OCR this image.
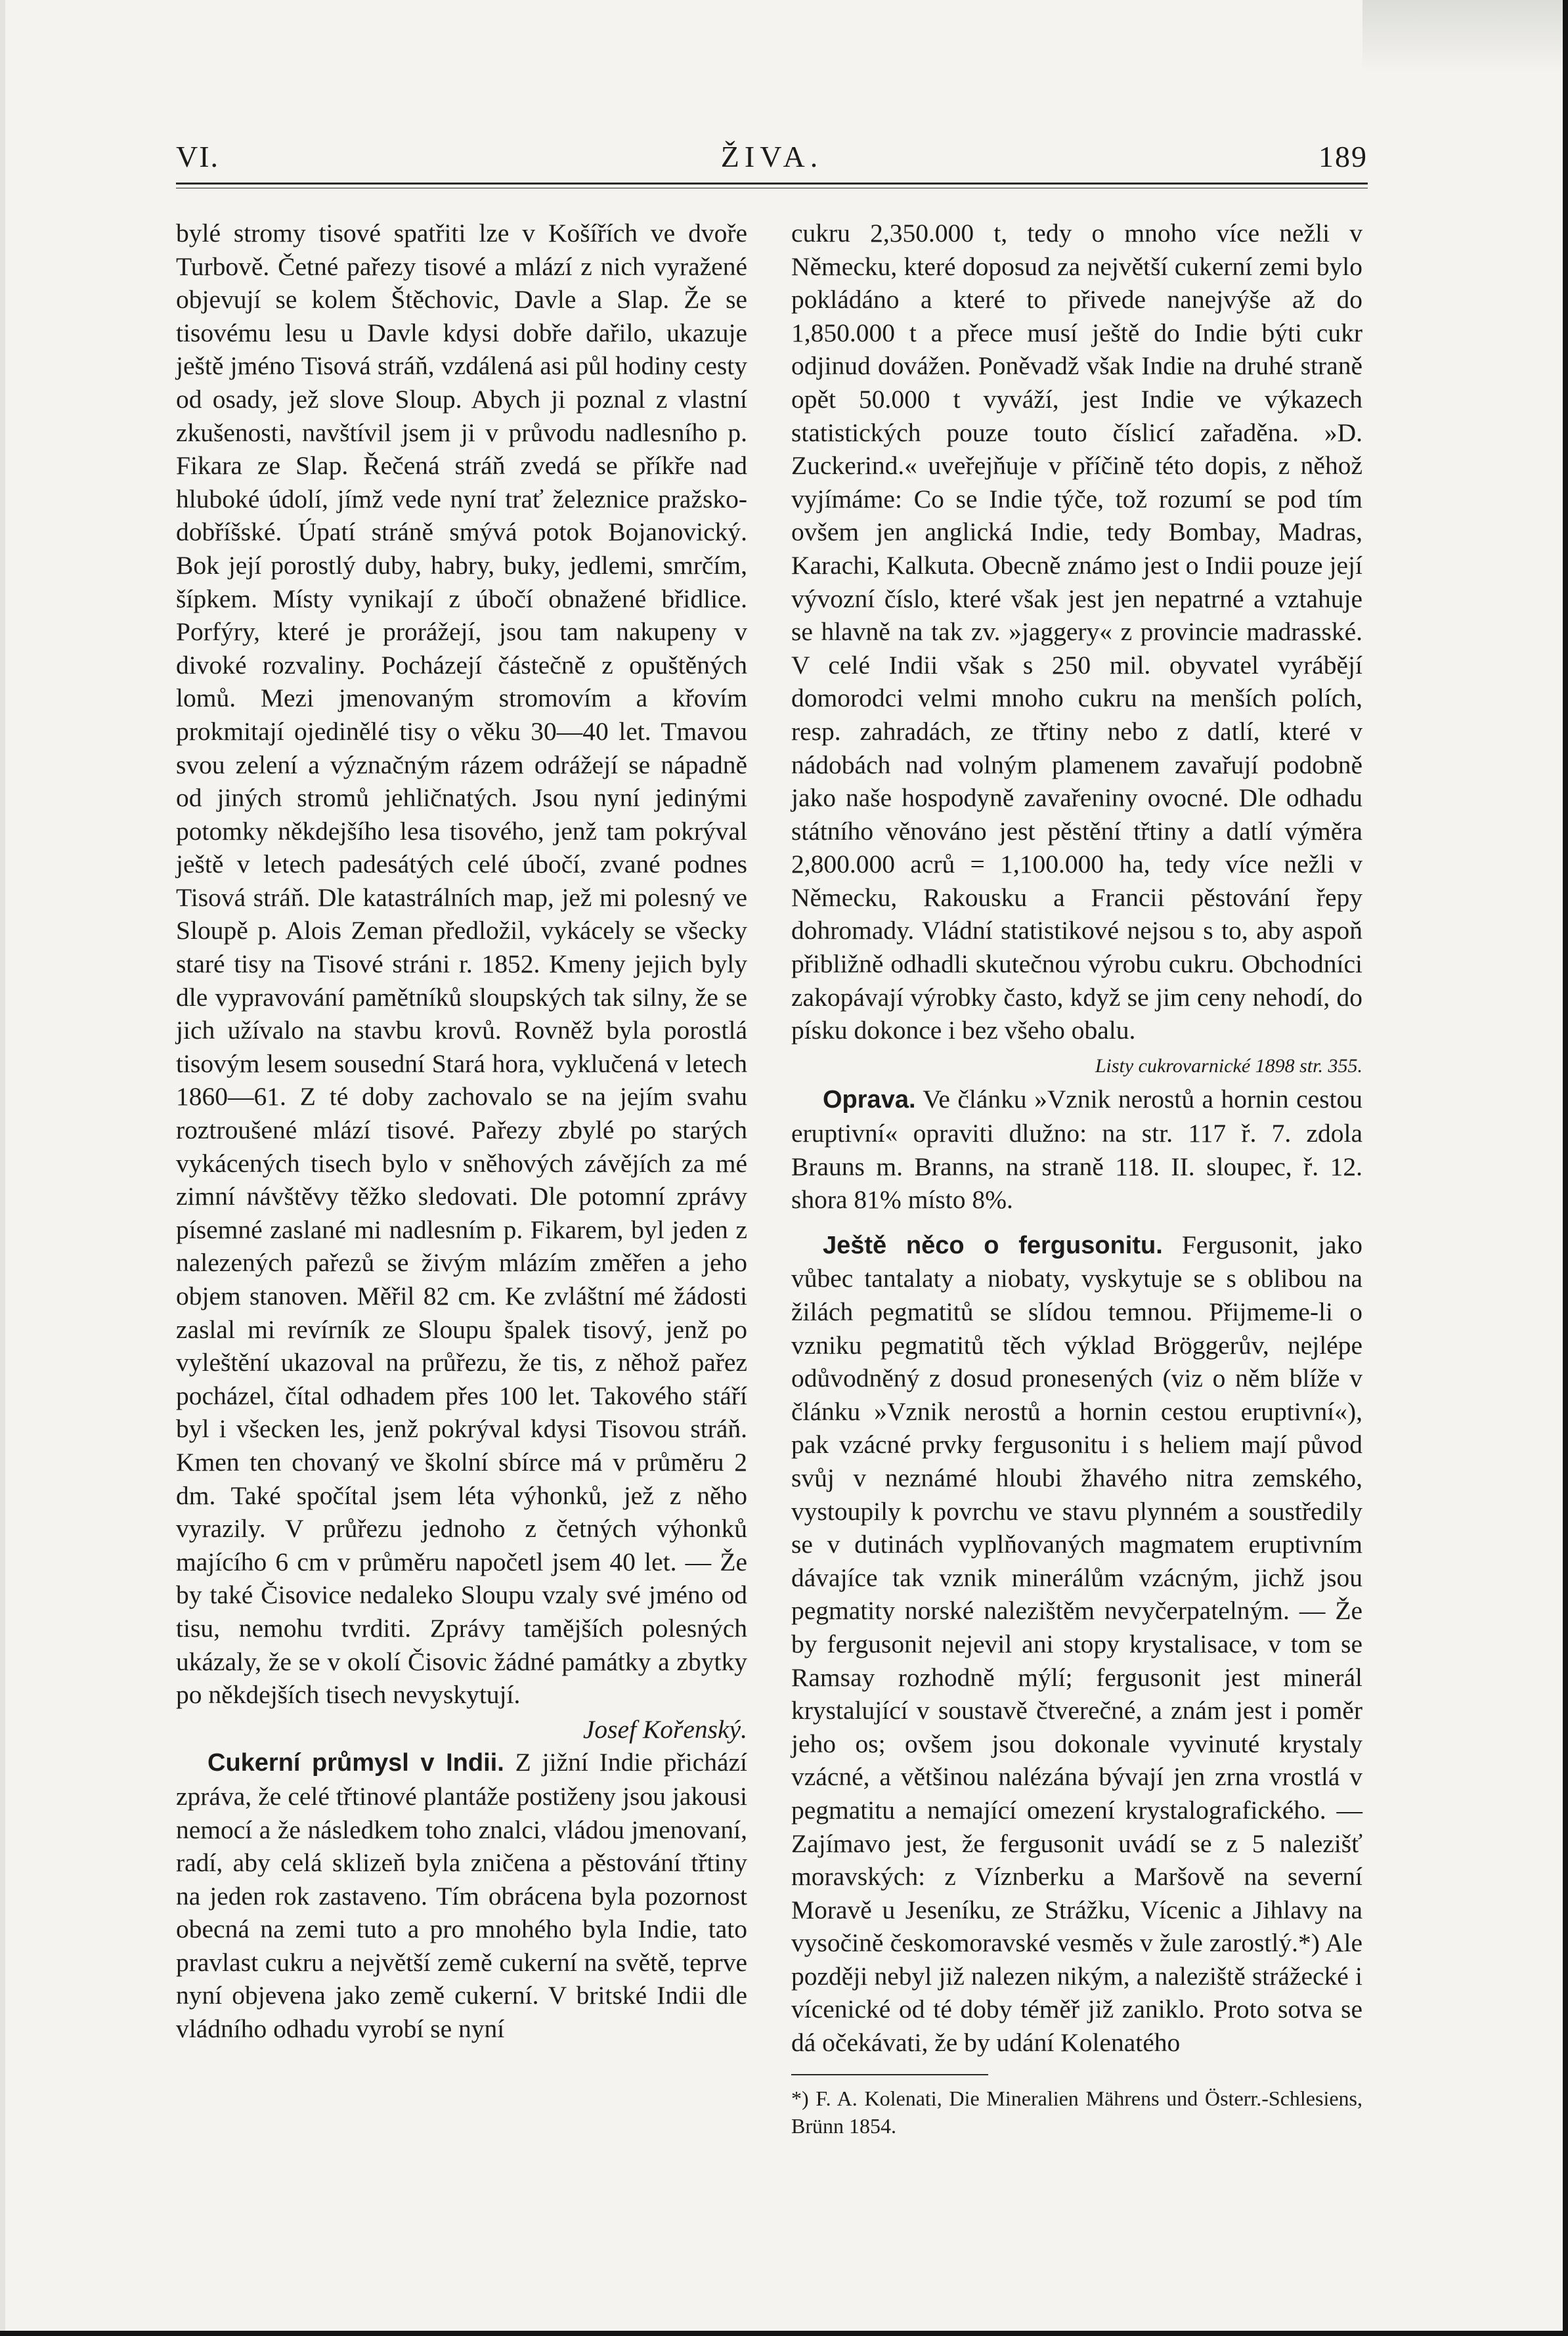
VI.	ŽIVA.	189

bylé stromy tisové spatřiti lze v Košířích ve dvoře Turbově. Četné pařezy tisové a mlází z nich vyražené objevují se kolem Štěchovic, Davle a Slap. Že se tisovému lesu u Davle kdysi dobře dařilo, ukazuje ještě jméno Tisová stráň, vzdálená asi půl hodiny cesty od osady, jež slove Sloup. Abych ji poznal z vlastní zkušenosti, navštívil jsem ji v průvodu nadlesního p. Fikara ze Slap. Řečená stráň zvedá se příkře nad hluboké údolí, jímž vede nyní trať železnice pražsko-dobříšské. Úpatí stráně smývá potok Bojanovický. Bok její porostlý duby, habry, buky, jedlemi, smrčím, šípkem. Místy vynikají z úbočí obnažené břidlice. Porfýry, které je prorážejí, jsou tam nakupeny v divoké rozvaliny. Pocházejí částečně z opuštěných lomů. Mezi jmenovaným stromovím a křovím prokmitají ojedinělé tisy o věku 30—40 let. Tmavou svou zelení a význačným rázem odrážejí se nápadně od jiných stromů jehličnatých. Jsou nyní jedinými potomky někdejšího lesa tisového, jenž tam pokrýval ještě v letech padesátých celé úbočí, zvané podnes Tisová stráň. Dle katastrálních map, jež mi polesný ve Sloupě p. Alois Zeman předložil, vykácely se všecky staré tisy na Tisové stráni r. 1852. Kmeny jejich byly dle vypravování pamětníků sloupských tak silny, že se jich užívalo na stavbu krovů. Rovněž byla porostlá tisovým lesem sousední Stará hora, vyklučená v letech 1860—61. Z té doby zachovalo se na jejím svahu roztroušené mlází tisové. Pařezy zbylé po starých vykácených tisech bylo v sněhových závějích za mé zimní návštěvy těžko sledovati. Dle potomní zprávy písemné zaslané mi nadlesním p. Fikarem, byl jeden z nalezených pařezů se živým mlázím změřen a jeho objem stanoven. Měřil 82 cm. Ke zvláštní mé žádosti zaslal mi revírník ze Sloupu špalek tisový, jenž po vyleštění ukazoval na průřezu, že tis, z něhož pařez pocházel, čítal odhadem přes 100 let. Takového stáří byl i všecken les, jenž pokrýval kdysi Tisovou stráň. Kmen ten chovaný ve školní sbírce má v průměru 2 dm. Také spočítal jsem léta výhonků, jež z něho vyrazily. V průřezu jednoho z četných výhonků majícího 6 cm v průměru napočetl jsem 40 let. — Že by také Čisovice nedaleko Sloupu vzaly své jméno od tisu, nemohu tvrditi. Zprávy tamějších polesných ukázaly, že se v okolí Čisovic žádné památky a zbytky po někdejších tisech nevyskytují.

Josef Kořenský.

Cukerní průmysl v Indii. Z jižní Indie přichází zpráva, že celé třtinové plantáže postiženy jsou jakousi nemocí a že následkem toho znalci, vládou jmenovaní, radí, aby celá sklizeň byla zničena a pěstování třtiny na jeden rok zastaveno. Tím obrácena byla pozornost obecná na zemi tuto a pro mnohého byla Indie, tato pravlast cukru a největší země cukerní na světě, teprve nyní objevena jako země cukerní. V britské Indii dle vládního odhadu vyrobí se nyní

cukru 2,350.000 t, tedy o mnoho více nežli v Německu, které doposud za největší cukerní zemi bylo pokládáno a které to přivede nanejvýše až do 1,850.000 t a přece musí ještě do Indie býti cukr odjinud dovážen. Poněvadž však Indie na druhé straně opět 50.000 t vyváží, jest Indie ve výkazech statistických pouze touto číslicí zařaděna. »D. Zuckerind.« uveřejňuje v příčině této dopis, z něhož vyjímáme: Co se Indie týče, tož rozumí se pod tím ovšem jen anglická Indie, tedy Bombay, Madras, Karachi, Kalkuta. Obecně známo jest o Indii pouze její vývozní číslo, které však jest jen nepatrné a vztahuje se hlavně na tak zv. »jaggery« z provincie madrasské. V celé Indii však s 250 mil. obyvatel vyrábějí domorodci velmi mnoho cukru na menších polích, resp. zahradách, ze třtiny nebo z datlí, které v nádobách nad volným plamenem zavařují podobně jako naše hospodyně zavařeniny ovocné. Dle odhadu státního věnováno jest pěstění třtiny a datlí výměra 2,800.000 acrů = 1,100.000 ha, tedy více nežli v Německu, Rakousku a Francii pěstování řepy dohromady. Vládní statistikové nejsou s to, aby aspoň přibližně odhadli skutečnou výrobu cukru. Obchodníci zakopávají výrobky často, když se jim ceny nehodí, do písku dokonce i bez všeho obalu.

Listy cukrovarnické 1898 str. 355.

Oprava. Ve článku »Vznik nerostů a hornin cestou eruptivní« opraviti dlužno: na str. 117 ř. 7. zdola Brauns m. Branns, na straně 118. II. sloupec, ř. 12. shora 81% místo 8%.

Ještě něco o fergusonitu. Fergusonit, jako vůbec tantalaty a niobaty, vyskytuje se s oblibou na žilách pegmatitů se slídou temnou. Přijmeme-li o vzniku pegmatitů těch výklad Bröggerův, nejlépe odůvodněný z dosud pronesených (viz o něm blíže v článku »Vznik nerostů a hornin cestou eruptivní«), pak vzácné prvky fergusonitu i s heliem mají původ svůj v neznámé hloubi žhavého nitra zemského, vystoupily k povrchu ve stavu plynném a soustředily se v dutinách vyplňovaných magmatem eruptivním dávajíce tak vznik minerálům vzácným, jichž jsou pegmatity norské nalezištěm nevyčerpatelným. — Že by fergusonit nejevil ani stopy krystalisace, v tom se Ramsay rozhodně mýlí; fergusonit jest minerál krystalující v soustavě čtverečné, a znám jest i poměr jeho os; ovšem jsou dokonale vyvinuté krystaly vzácné, a většinou nalézána bývají jen zrna vrostlá v pegmatitu a nemající omezení krystalografického. — Zajímavo jest, že fergusonit uvádí se z 5 nalezišť moravských: z Víznberku a Maršově na severní Moravě u Jeseníku, ze Strážku, Vícenic a Jihlavy na vysočině českomoravské vesměs v žule zarostlý.*) Ale později nebyl již nalezen nikým, a naleziště strážecké i vícenické od té doby téměř již zaniklo. Proto sotva se dá očekávati, že by udání Kolenatého

*) F. A. Kolenati, Die Mineralien Mährens und Österr.-Schlesiens, Brünn 1854.
